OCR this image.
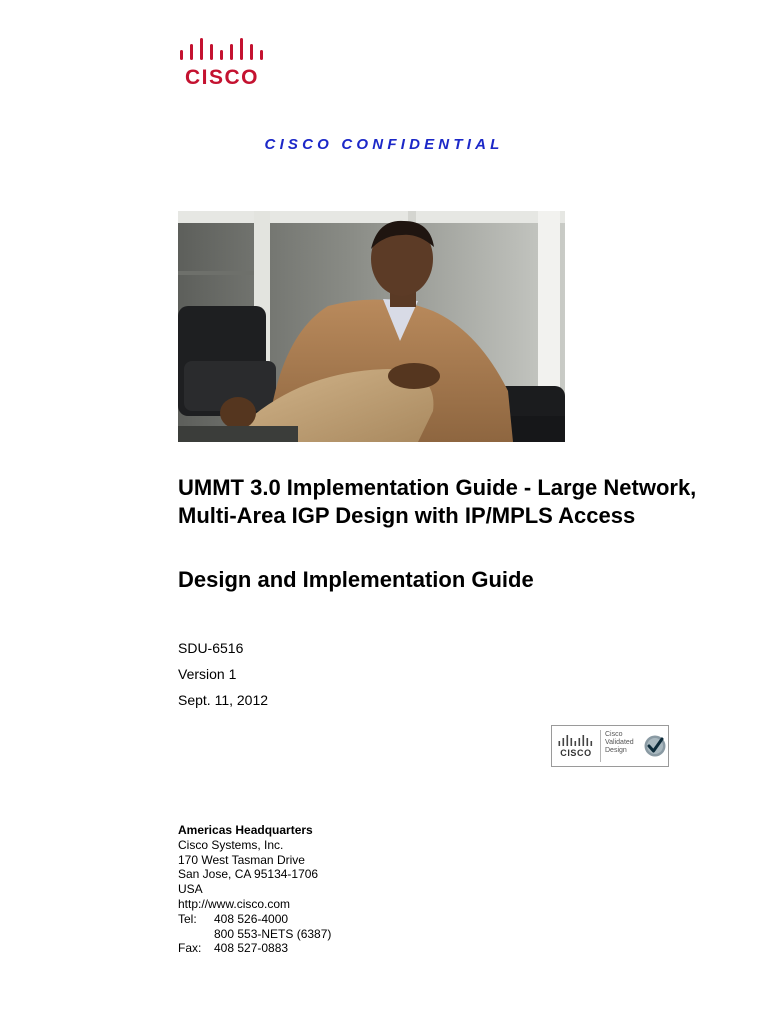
CISCO
CISCO CONFIDENTIAL
UMMT 3.0 Implementation Guide - Large Network, Multi-Area IGP Design with IP/MPLS Access
Design and Implementation Guide
SDU-6516
Version 1
Sept. 11, 2012
CISCO
Cisco
Validated
Design
Americas Headquarters
Cisco Systems, Inc.
170 West Tasman Drive
San Jose, CA 95134-1706
USA
http://www.cisco.com
Tel: 408 526-4000
800 553-NETS (6387)
Fax: 408 527-0883
